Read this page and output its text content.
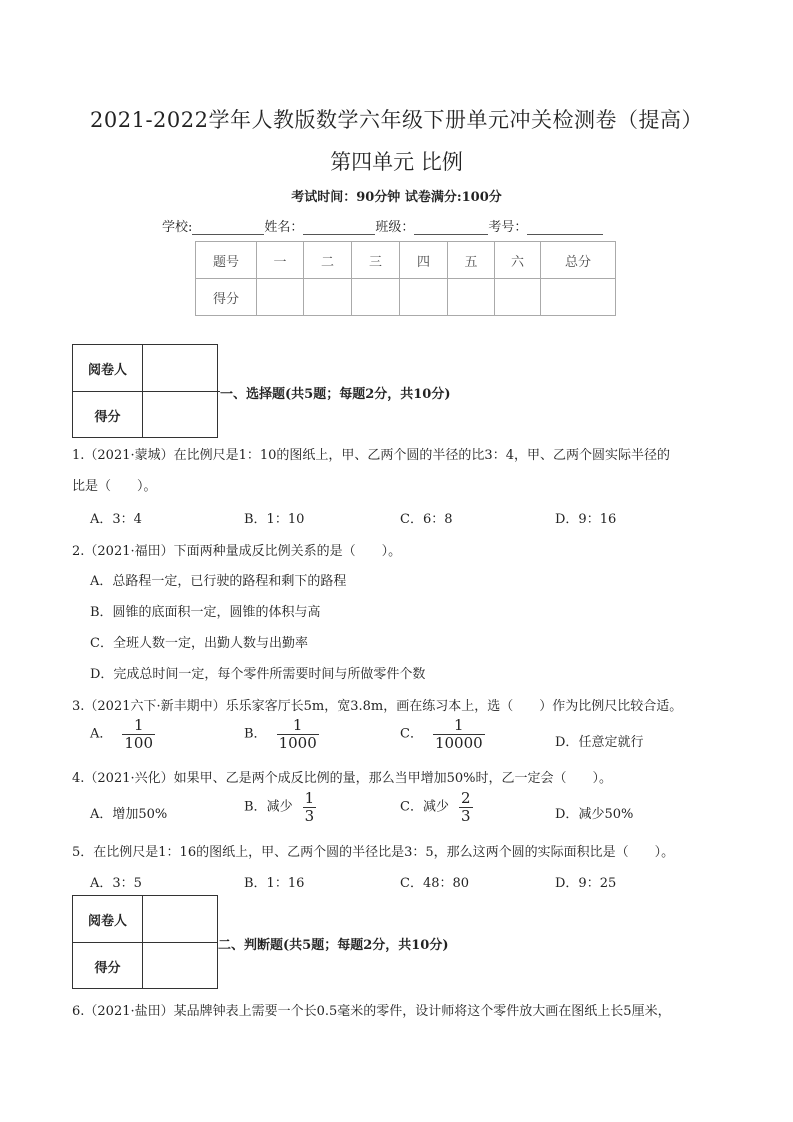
2021-2022学年人教版数学六年级下册单元冲关检测卷（提高）
第四单元 比例
考试时间：90分钟 试卷满分:100分
学校:	姓名：	班级：	考号：
题号	一	二	三	四	五	六	总分
得分							
阅卷人
得分
一、选择题(共5题；每题2分，共10分)
1.（2021·蒙城）在比例尺是1：10的图纸上，甲、乙两个圆的半径的比3：4，甲、乙两个圆实际半径的
比是（　　）。
A．3：4	B．1：10	C．6：8	D．9：16
2.（2021·福田）下面两种量成反比例关系的是（　　）。
A．总路程一定，已行驶的路程和剩下的路程
B．圆锥的底面积一定，圆锥的体积与高
C．全班人数一定，出勤人数与出勤率
D．完成总时间一定，每个零件所需要时间与所做零件个数
3.（2021六下·新丰期中）乐乐家客厅长5m，宽3.8m，画在练习本上，选（　　）作为比例尺比较合适。
A． $\frac{1}{100}$	B． $\frac{1}{1000}$	C． $\frac{1}{10000}$	D．任意定就行
4.（2021·兴化）如果甲、乙是两个成反比例的量，那么当甲增加50%时，乙一定会（　　）。
A．增加50%	B．减少 $\frac{1}{3}$	C．减少 $\frac{2}{3}$	D．减少50%
5．在比例尺是1：16的图纸上，甲、乙两个圆的半径比是3：5，那么这两个圆的实际面积比是（　　）。
A．3：5	B．1：16	C．48：80	D．9：25
阅卷人
得分
二、判断题(共5题；每题2分，共10分)
6.（2021·盐田）某品牌钟表上需要一个长0.5毫米的零件，设计师将这个零件放大画在图纸上长5厘米，
